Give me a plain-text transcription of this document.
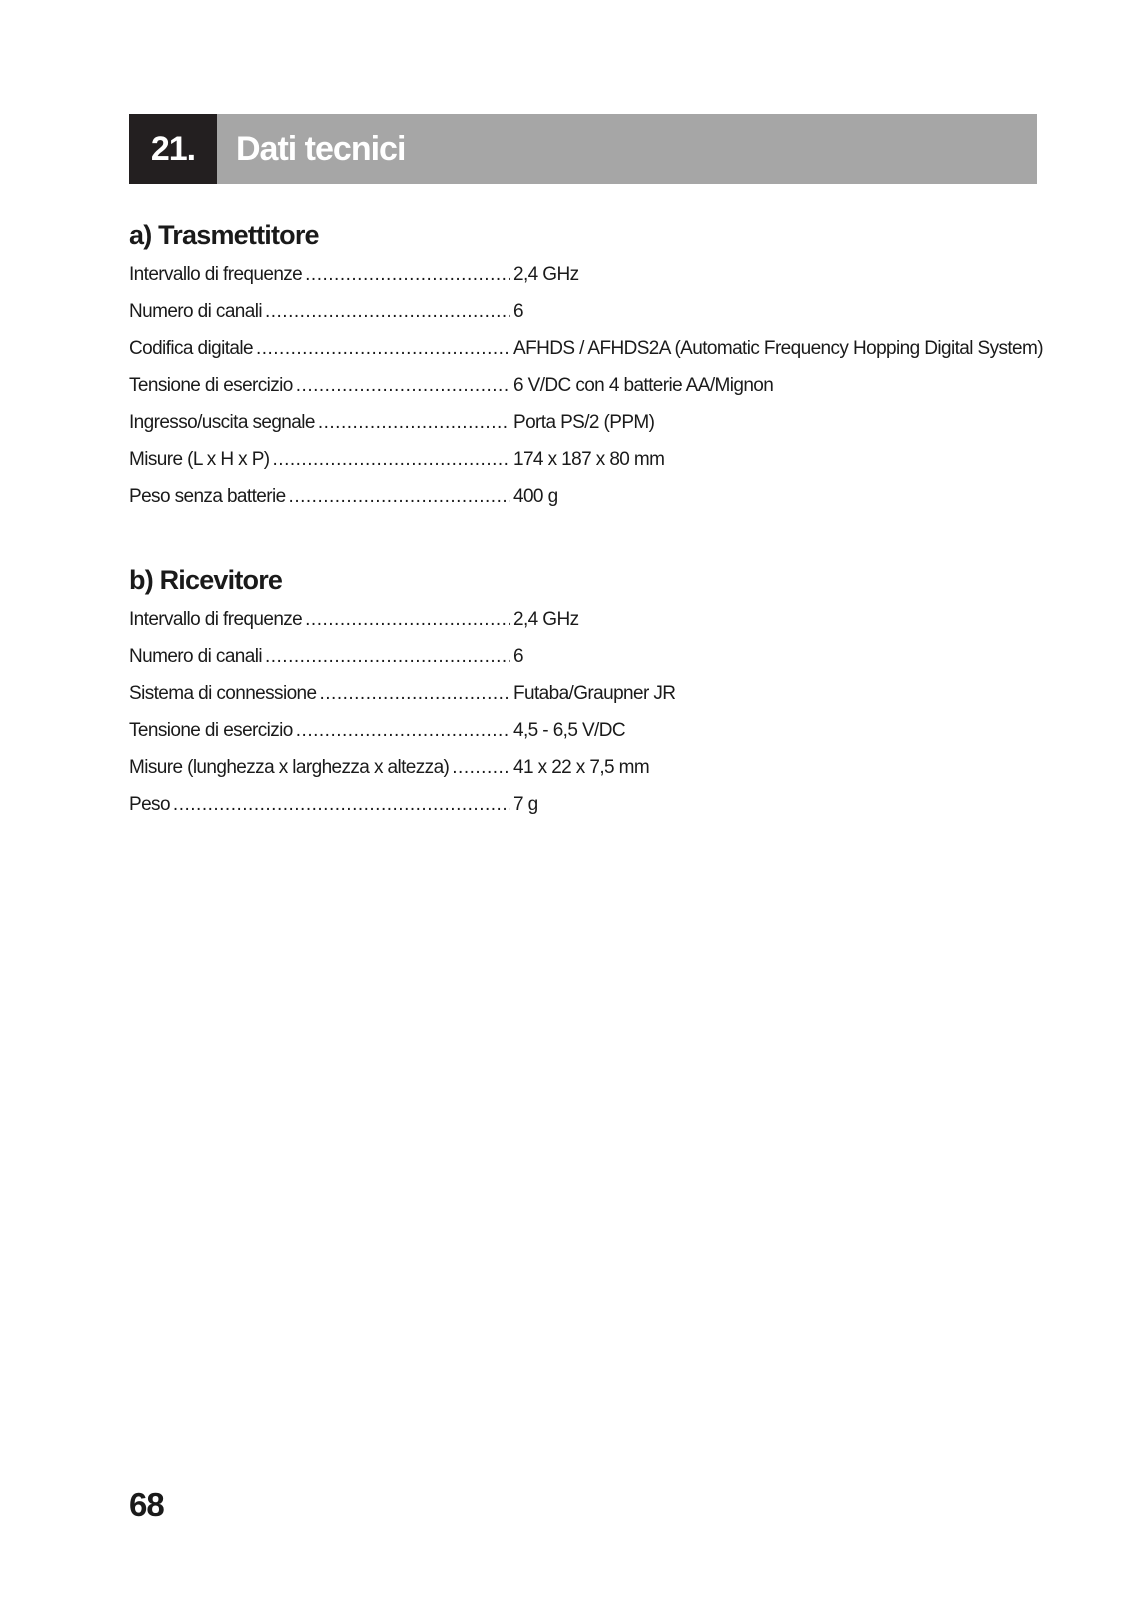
21.	Dati tecnici
a) Trasmettitore
Intervallo di frequenze .....	2,4 GHz
Numero di canali .....	6
Codifica digitale .....	AFHDS / AFHDS2A (Automatic Frequency Hopping Digital System)
Tensione di esercizio .....	6 V/DC con 4 batterie AA/Mignon
Ingresso/uscita segnale .....	Porta PS/2 (PPM)
Misure (L x H x P) .....	174 x 187 x 80 mm
Peso senza batterie .....	400 g
b) Ricevitore
Intervallo di frequenze .....	2,4 GHz
Numero di canali .....	6
Sistema di connessione .....	Futaba/Graupner JR
Tensione di esercizio .....	4,5 - 6,5 V/DC
Misure (lunghezza x larghezza x altezza) .....	41 x 22 x 7,5 mm
Peso .....	7 g
68
